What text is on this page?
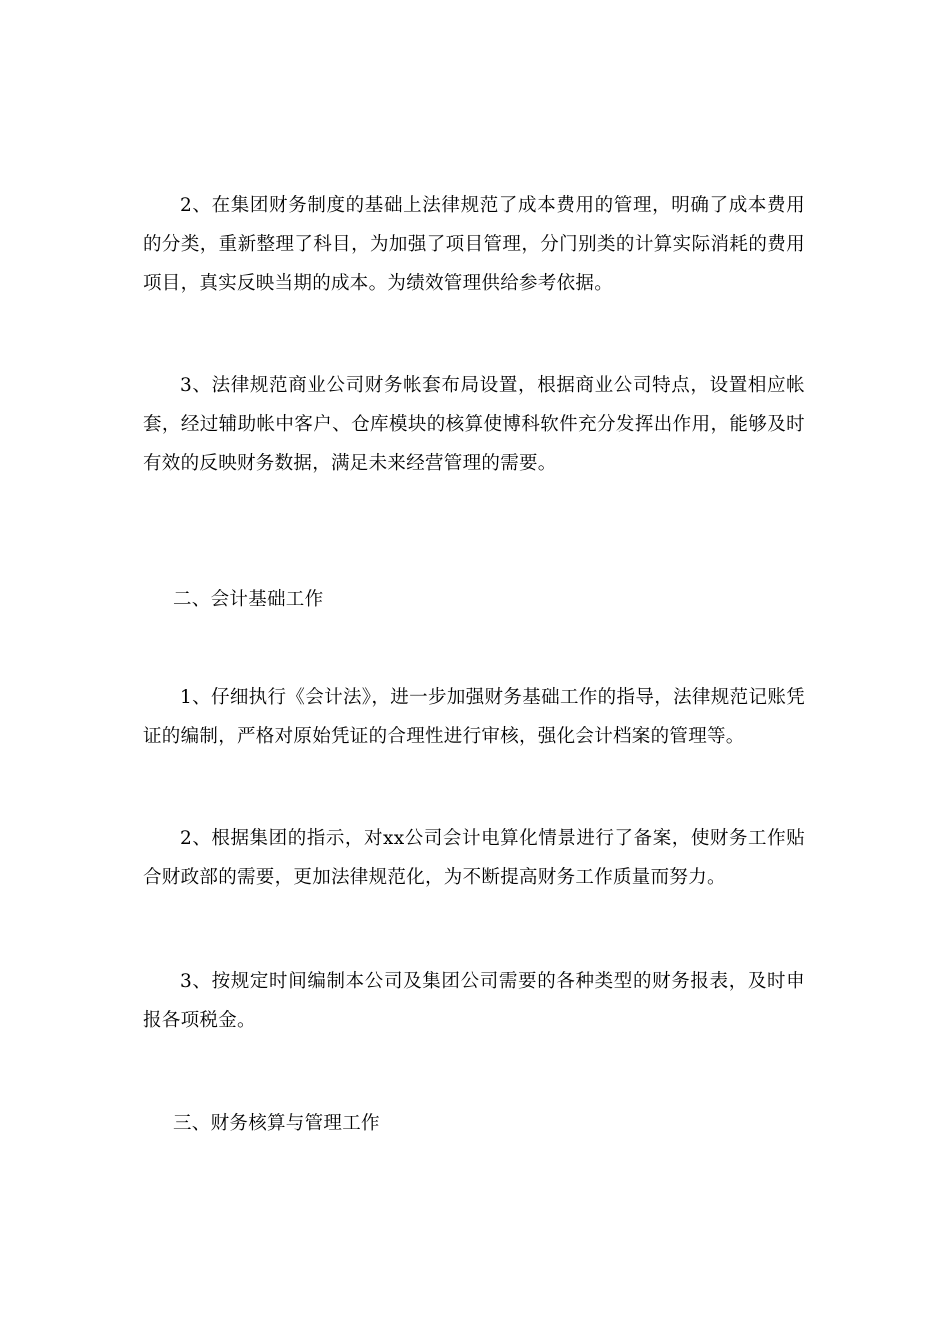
2、在集团财务制度的基础上法律规范了成本费用的管理，明确了成本费用的分类，重新整理了科目，为加强了项目管理，分门别类的计算实际消耗的费用项目，真实反映当期的成本。为绩效管理供给参考依据。

3、法律规范商业公司财务帐套布局设置，根据商业公司特点，设置相应帐套，经过辅助帐中客户、仓库模块的核算使博科软件充分发挥出作用，能够及时有效的反映财务数据，满足未来经营管理的需要。

二、会计基础工作

1、仔细执行《会计法》，进一步加强财务基础工作的指导，法律规范记账凭证的编制，严格对原始凭证的合理性进行审核，强化会计档案的管理等。

2、根据集团的指示，对xx公司会计电算化情景进行了备案，使财务工作贴合财政部的需要，更加法律规范化，为不断提高财务工作质量而努力。

3、按规定时间编制本公司及集团公司需要的各种类型的财务报表，及时申报各项税金。

三、财务核算与管理工作
